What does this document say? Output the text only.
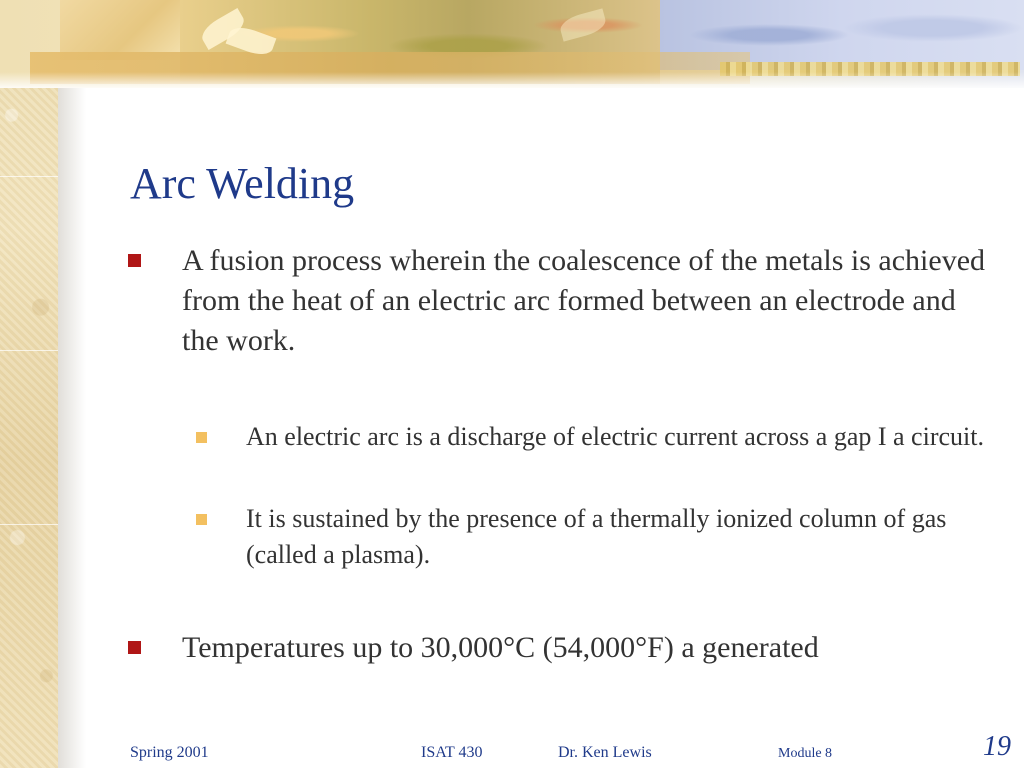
Arc Welding
A fusion process wherein the coalescence of the metals is achieved from the heat of an electric arc formed between an electrode and the work.
An electric arc is a discharge of electric current across a gap I a circuit.
It is sustained by the presence of a thermally ionized column of gas (called a plasma).
Temperatures up to 30,000°C (54,000°F) a generated
Spring 2001	ISAT 430	Dr. Ken Lewis	Module 8	19
